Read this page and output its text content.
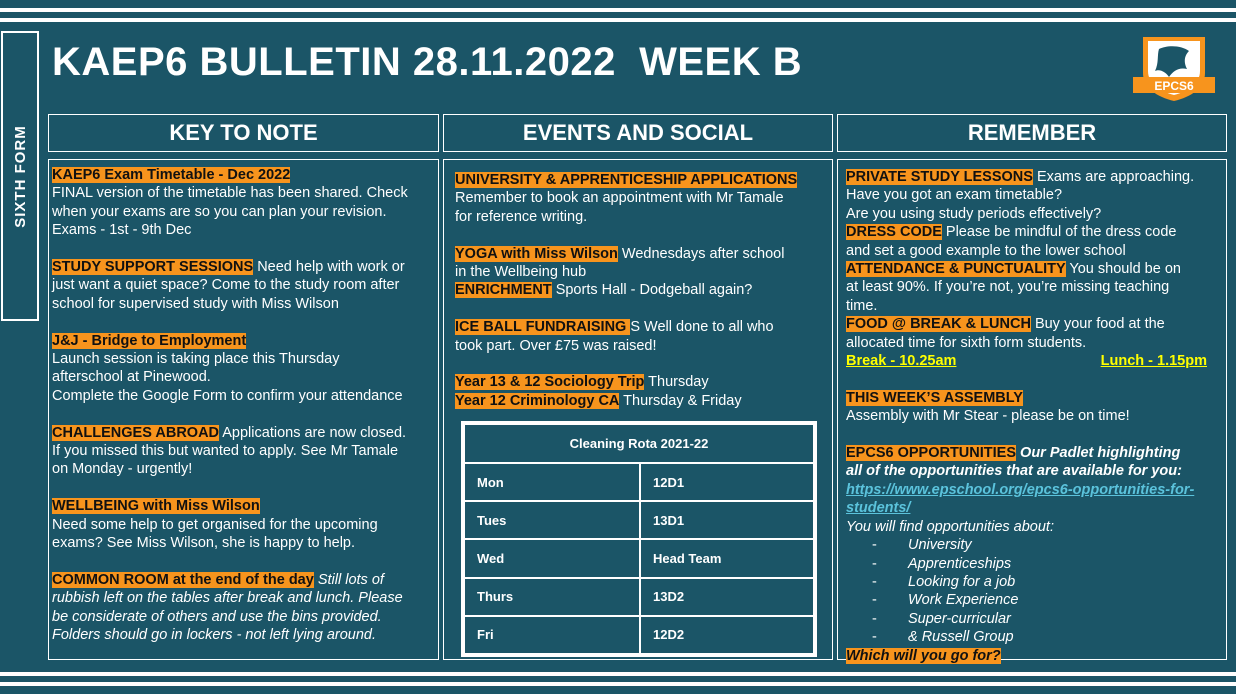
SIXTH FORM
KAEP6 BULLETIN 28.11.2022  WEEK B
EPCS6
KEY TO NOTE	EVENTS AND SOCIAL	REMEMBER

KAEP6 Exam Timetable - Dec 2022

FINAL version of the timetable has been shared. Check

when your exams are so you can plan your revision.

Exams - 1st - 9th Dec

STUDY SUPPORT SESSIONS Need help with work or

just want a quiet space? Come to the study room after

school for supervised study with Miss Wilson

J&J - Bridge to Employment

Launch session is taking place this Thursday

afterschool at Pinewood.

Complete the Google Form to confirm your attendance

CHALLENGES ABROAD Applications are now closed.

If you missed this but wanted to apply. See Mr Tamale

on Monday - urgently!

WELLBEING with Miss Wilson

Need some help to get organised for the upcoming

exams? See Miss Wilson, she is happy to help.

COMMON ROOM at the end of the day Still lots of

rubbish left on the tables after break and lunch. Please

be considerate of others and use the bins provided.

Folders should go in lockers - not left lying around.

UNIVERSITY & APPRENTICESHIP APPLICATIONS

Remember to book an appointment with Mr Tamale

for reference writing.

YOGA with Miss Wilson Wednesdays after school

in the Wellbeing hub

ENRICHMENT Sports Hall - Dodgeball again?

ICE BALL FUNDRAISING S Well done to all who

took part. Over £75 was raised!

Year 13 & 12 Sociology Trip Thursday

Year 12 Criminology CA Thursday & Friday

Cleaning Rota 2021-22	
Mon	12D1
Tues	13D1
Wed	Head Team
Thurs	13D2
Fri	12D2

PRIVATE STUDY LESSONS Exams are approaching.

Have you got an exam timetable?

Are you using study periods effectively?

DRESS CODE Please be mindful of the dress code

and set a good example to the lower school

ATTENDANCE & PUNCTUALITY You should be on

at least 90%. If you’re not, you’re missing teaching

time.

FOOD @ BREAK & LUNCH Buy your food at the

allocated time for sixth form students.

Break - 10.25am	Lunch - 1.15pm

THIS WEEK’S ASSEMBLY

Assembly with Mr Stear - please be on time!

EPCS6 OPPORTUNITIES Our Padlet highlighting

all of the opportunities that are available for you:

https://www.epschool.org/epcs6-opportunities-for-

students/

You will find opportunities about:

-	University
-	Apprenticeships
-	Looking for a job
-	Work Experience
-	Super-curricular
-	& Russell Group

Which will you go for?
